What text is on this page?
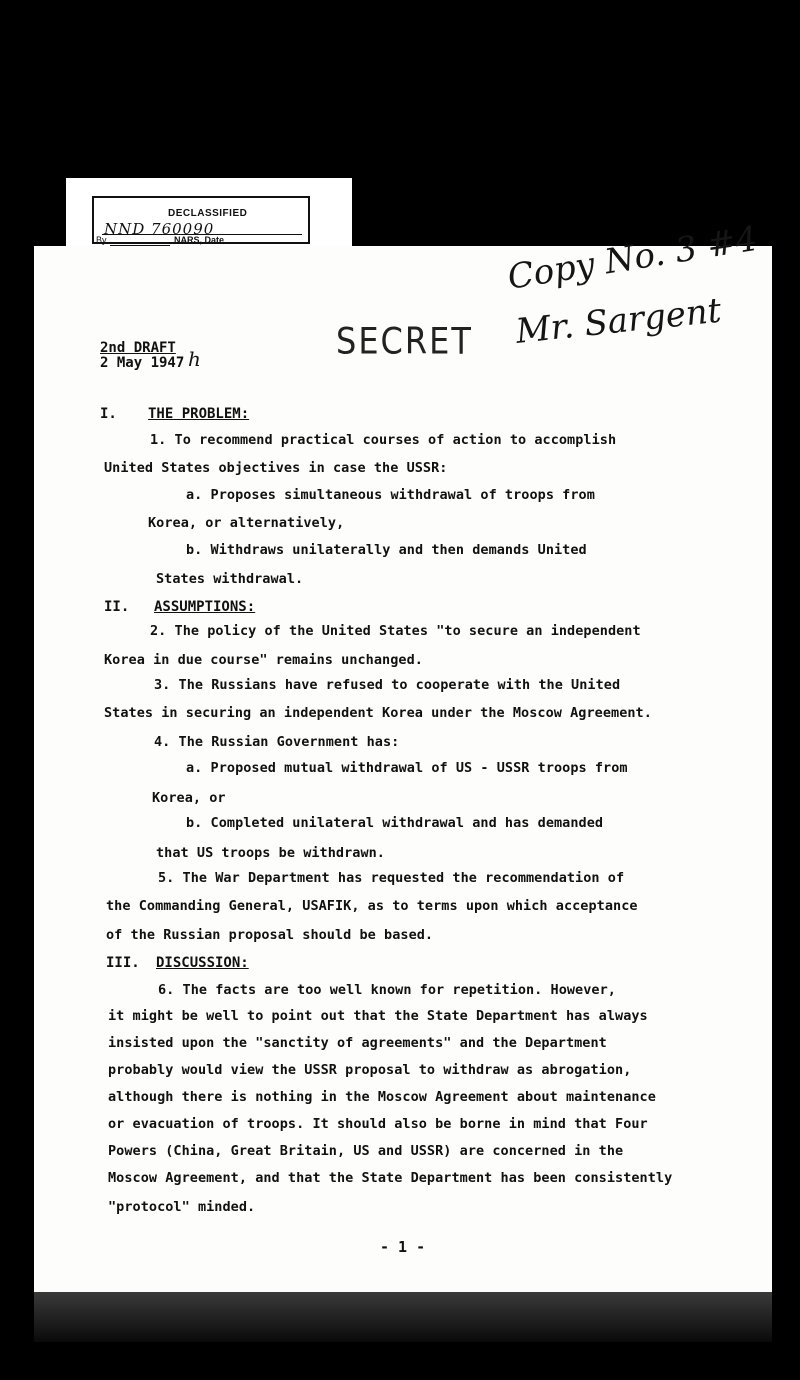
DECLASSIFIED
NND 760090
By	NARS, Date	Copy No. 3 #4
Mr. Sargent
h	SECRET
2nd DRAFT
2 May 1947
I. THE PROBLEM:
1. To recommend practical courses of action to accomplish
United States objectives in case the USSR:
a. Proposes simultaneous withdrawal of troops from
Korea, or alternatively,
b. Withdraws unilaterally and then demands United
States withdrawal.
II. ASSUMPTIONS:
2. The policy of the United States "to secure an independent
Korea in due course" remains unchanged.
3. The Russians have refused to cooperate with the United
States in securing an independent Korea under the Moscow Agreement.
4. The Russian Government has:
a. Proposed mutual withdrawal of US - USSR troops from
Korea, or
b. Completed unilateral withdrawal and has demanded
that US troops be withdrawn.
5. The War Department has requested the recommendation of
the Commanding General, USAFIK, as to terms upon which acceptance
of the Russian proposal should be based.
III. DISCUSSION:
6. The facts are too well known for repetition. However,
it might be well to point out that the State Department has always
insisted upon the "sanctity of agreements" and the Department
probably would view the USSR proposal to withdraw as abrogation,
although there is nothing in the Moscow Agreement about maintenance
or evacuation of troops. It should also be borne in mind that Four
Powers (China, Great Britain, US and USSR) are concerned in the
Moscow Agreement, and that the State Department has been consistently
"protocol" minded.
- 1 -
